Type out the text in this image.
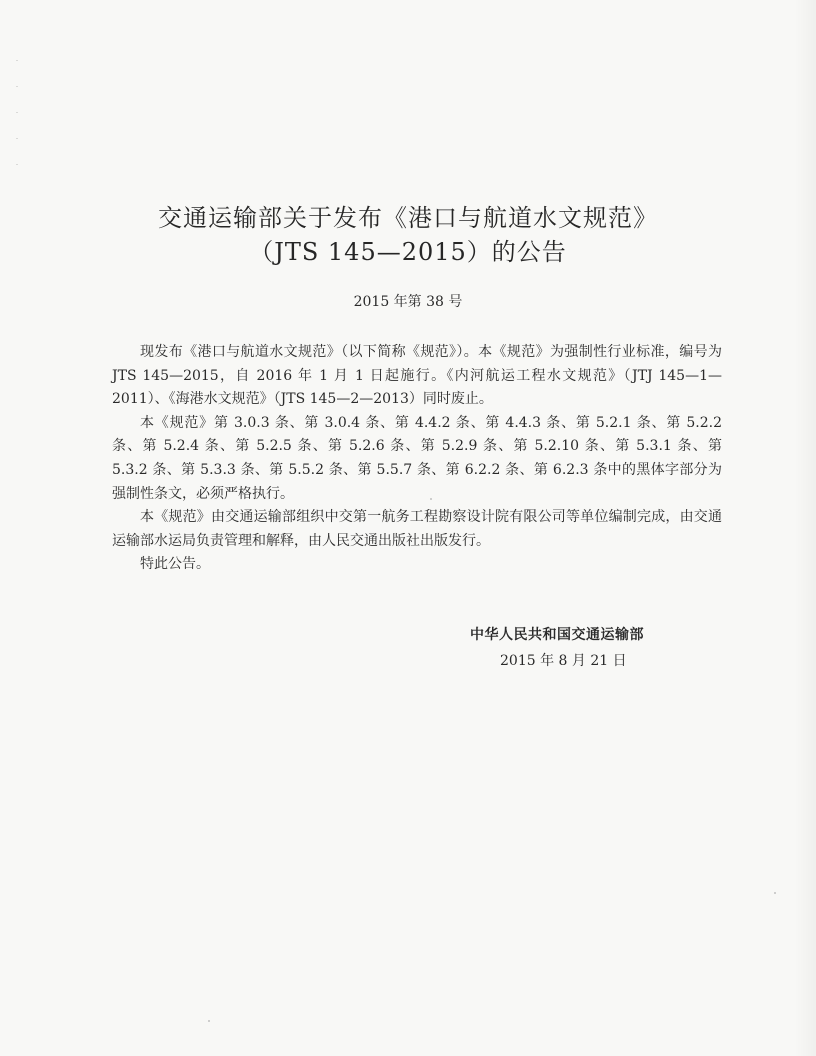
交通运输部关于发布《港口与航道水文规范》
（JTS 145—2015）的公告
2015 年第 38 号

现发布《港口与航道水文规范》（以下简称《规范》）。本《规范》为强制性行业标准，编号为 JTS 145—2015，自 2016 年 1 月 1 日起施行。《内河航运工程水文规范》（JTJ 145—1—2011）、《海港水文规范》（JTS 145—2—2013）同时废止。

本《规范》第 3.0.3 条、第 3.0.4 条、第 4.4.2 条、第 4.4.3 条、第 5.2.1 条、第 5.2.2 条、第 5.2.4 条、第 5.2.5 条、第 5.2.6 条、第 5.2.9 条、第 5.2.10 条、第 5.3.1 条、第 5.3.2 条、第 5.3.3 条、第 5.5.2 条、第 5.5.7 条、第 6.2.2 条、第 6.2.3 条中的黑体字部分为强制性条文，必须严格执行。

本《规范》由交通运输部组织中交第一航务工程勘察设计院有限公司等单位编制完成，由交通运输部水运局负责管理和解释，由人民交通出版社出版发行。

特此公告。

中华人民共和国交通运输部
2015 年 8 月 21 日
